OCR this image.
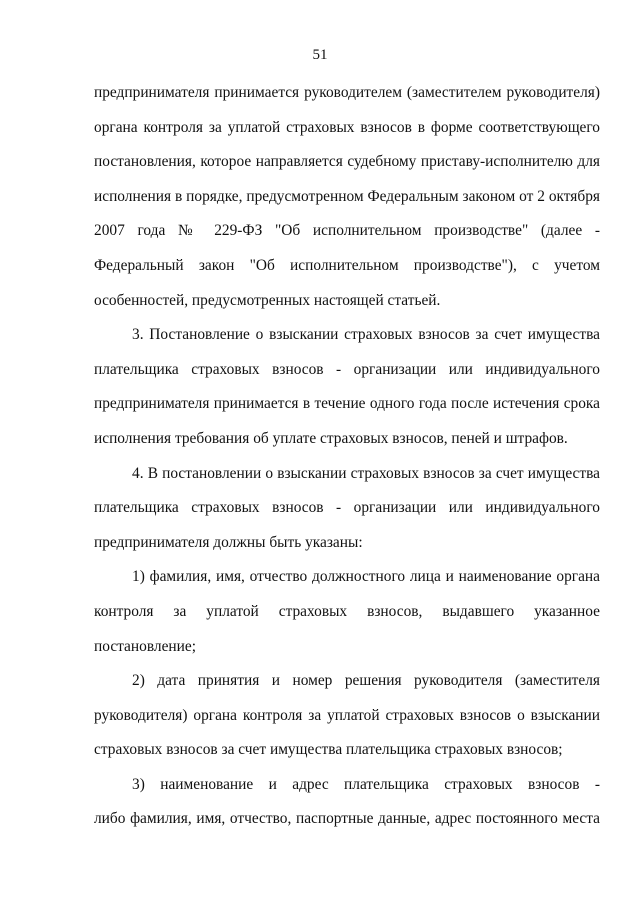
51
предпринимателя принимается руководителем (заместителем руководителя)
органа контроля за уплатой страховых взносов в форме соответствующего
постановления, которое направляется судебному приставу-исполнителю для
исполнения в порядке, предусмотренном Федеральным законом от 2 октября
2007 года № 229-ФЗ "Об исполнительном производстве" (далее -
Федеральный закон "Об исполнительном производстве"), с учетом
особенностей, предусмотренных настоящей статьей.
3. Постановление о взыскании страховых взносов за счет имущества
плательщика страховых взносов - организации или индивидуального
предпринимателя принимается в течение одного года после истечения срока
исполнения требования об уплате страховых взносов, пеней и штрафов.
4. В постановлении о взыскании страховых взносов за счет имущества
плательщика страховых взносов - организации или индивидуального
предпринимателя должны быть указаны:
1) фамилия, имя, отчество должностного лица и наименование органа
контроля за уплатой страховых взносов, выдавшего указанное
постановление;
2) дата принятия и номер решения руководителя (заместителя
руководителя) органа контроля за уплатой страховых взносов о взыскании
страховых взносов за счет имущества плательщика страховых взносов;
3) наименование и адрес плательщика страховых взносов -
либо фамилия, имя, отчество, паспортные данные, адрес постоянного места
